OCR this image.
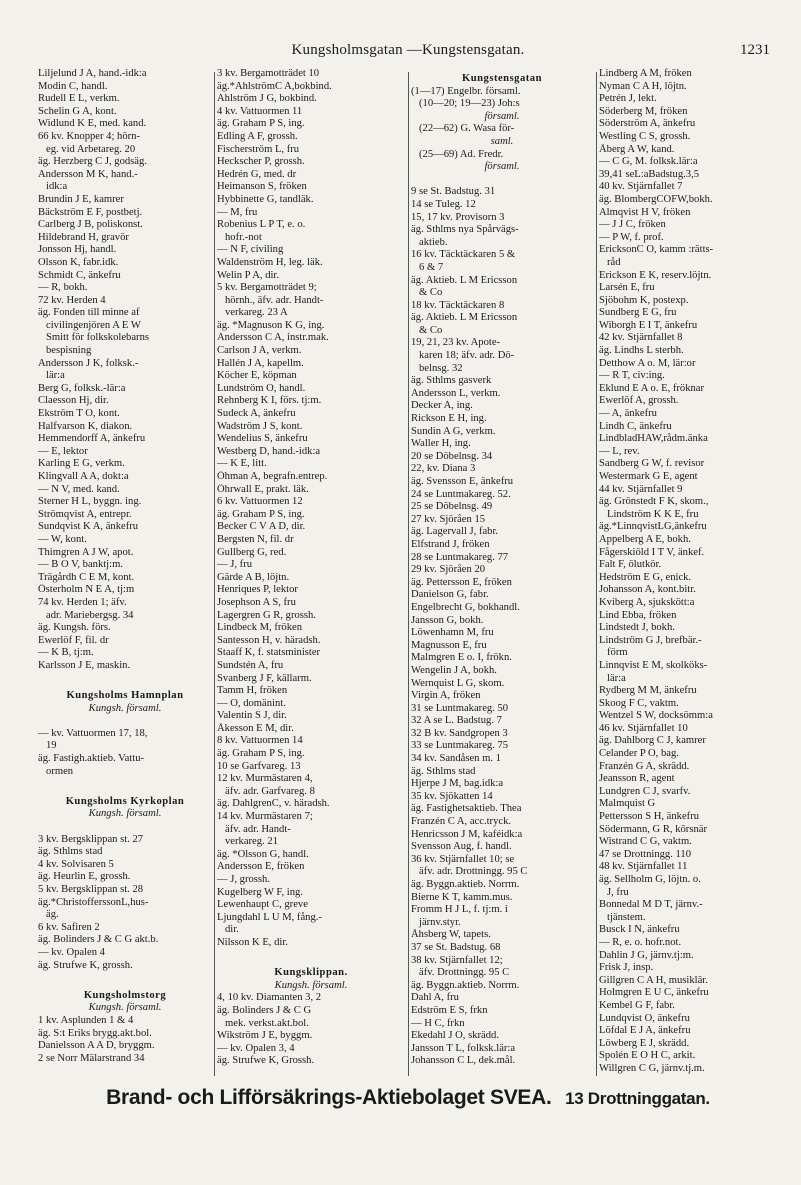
Kungsholmsgatan —Kungstensgatan.	1231
Liljelund J A, hand.-idk:a
Modin C, handl.
Rudell E L, verkm.
Schelin G A, kont.
Widlund K E, med. kand.
66 kv. Knopper 4; hörn-
eg. vid Arbetareg. 20
äg. Herzberg C J, godsäg.
Andersson M K, hand.-
idk:a
Brundin J E, kamrer
Bäckström E F, postbetj.
Carlberg J B, poliskonst.
Hildebrand H, gravör
Jonsson Hj, handl.
Olsson K, fabr.idk.
Schmidt C, änkefru
— R, bokh.
72 kv. Herden 4
äg. Fonden till minne af
civilingenjören A E W
Smitt för folkskolebarns
bespisning
Andersson J K, folksk.-
lär:a
Berg G, folksk.-lär:a
Claesson Hj, dir.
Ekström T O, kont.
Halfvarson K, diakon.
Hemmendorff A, änkefru
— E, lektor
Karling E G, verkm.
Klingvall A A, dokt:a
— N V, med. kand.
Sterner H L, byggn. ing.
Strömqvist A, entrepr.
Sundqvist K A, änkefru
— W, kont.
Thimgren A J W, apot.
— B O V, banktj:m.
Trägårdh C E M, kont.
Österholm N E A, tj:m
74 kv. Herden 1; äfv.
adr. Mariebergsg. 34
äg. Kungsh. förs.
Ewerlöf F, fil. dr
— K B, tj:m.
Karlsson J E, maskin.

Kungsholms Hamnplan
Kungsh. församl.

— kv. Vattuormen 17, 18,
19
äg. Fastigh.aktieb. Vattu-
ormen

Kungsholms Kyrkoplan
Kungsh. församl.

3 kv. Bergsklippan st. 27
äg. Sthlms stad
4 kv. Solvisaren 5
äg. Heurlin E, grossh.
5 kv. Bergsklippan st. 28
äg.*ChristofferssonL,hus-
äg.
6 kv. Safiren 2
äg. Bolinders J & C G akt.b.
— kv. Opalen 4
äg. Strufwe K, grossh.

Kungsholmstorg
Kungsh. församl.
1 kv. Asplunden 1 & 4
äg. S:t Eriks brygg.akt.bol.
Danielsson A A D, bryggm.
2 se Norr Mälarstrand 34
3 kv. Bergamotträdet 10
äg.*AhlströmC A,bokbind.
Ahlström J G, bokbind.
4 kv. Vattuormen 11
äg. Graham P S, ing.
Edling A F, grossh.
Fischerström L, fru
Heckscher P, grossh.
Hedrén G, med. dr
Heimanson S, fröken
Hybbinette G, tandläk.
— M, fru
Robenius L P T, e. o.
hofr.-not
— N F, civiling
Waldenström H, leg. läk.
Welin P A, dir.
5 kv. Bergamotträdet 9;
hörnh., äfv. adr. Handt-
verkareg. 23 A
äg. *Magnuson K G, ing.
Andersson C A, instr.mak.
Carlson J A, verkm.
Hallén J A, kapellm.
Köcher E, köpman
Lundström O, handl.
Rehnberg K I, förs. tj:m.
Sudeck A, änkefru
Wadström J S, kont.
Wendelius S, änkefru
Westberg D, hand.-idk:a
— K E, litt.
Öhman A, begrafn.entrep.
Öhrwall E, prakt. läk.
6 kv. Vattuormen 12
äg. Graham P S, ing.
Becker C V A D, dir.
Bergsten N, fil. dr
Gullberg G, red.
— J, fru
Gärde A B, löjtn.
Henriques P, lektor
Josephson A S, fru
Lagergren G R, grossh.
Lindbeck M, fröken
Santesson H, v. häradsh.
Staaff K, f. statsminister
Sundstén A, fru
Svanberg J F, källarm.
Tamm H, fröken
— O, domänint.
Valentin S J, dir.
Åkesson E M, dir.
8 kv. Vattuormen 14
äg. Graham P S, ing.
10 se Garfvareg. 13
12 kv. Murmästaren 4,
äfv. adr. Garfvareg. 8
äg. DahlgrenC, v. häradsh.
14 kv. Murmästaren 7;
äfv. adr. Handt-
verkareg. 21
äg. *Olsson G, handl.
Andersson E, fröken
— J, grossh.
Kugelberg W F, ing.
Lewenhaupt C, greve
Ljungdahl L U M, fång.-
dir.
Nilsson K E, dir.

Kungsklippan.
Kungsh. församl.
4, 10 kv. Diamanten 3, 2
äg. Bolinders J & C G
mek. verkst.akt.bol.
Wikström J E, byggm.
— kv. Opalen 3, 4
äg. Strufwe K, Grossh.
Kungstensgatan
(1—17) Engelbr. församl.
(10—20; 19—23) Joh:s
församl.
(22—62) G. Wasa för-
saml.
(25—69) Ad. Fredr.
församl.

9 se St. Badstug. 31
14 se Tuleg. 12
15, 17 kv. Provisorn 3
äg. Sthlms nya Spårvägs-
aktieb.
16 kv. Täcktäckaren 5 &
6 & 7
äg. Aktieb. L M Ericsson
& Co
18 kv. Täcktäckaren 8
äg. Aktieb. L M Ericsson
& Co
19, 21, 23 kv. Apote-
karen 18; äfv. adr. Dö-
belnsg. 32
äg. Sthlms gasverk
Andersson L, verkm.
Decker A, ing.
Rickson E H, ing.
Sundin A G, verkm.
Waller H, ing.
20 se Döbelnsg. 34
22, kv. Diana 3
äg. Svensson E, änkefru
24 se Luntmakareg. 52.
25 se Döbelnsg. 49
27 kv. Sjöråen 15
äg. Lagervall J, fabr.
Elfstrand J, fröken
28 se Luntmakareg. 77
29 kv. Sjöråen 20
äg. Pettersson E, fröken
Danielson G, fabr.
Engelbrecht G, bokhandl.
Jansson G, bokh.
Löwenhamn M, fru
Magnusson E, fru
Malmgren E o. I, frökn.
Wengelin J A, bokh.
Wernquist L G, skom.
Virgin A, fröken
31 se Luntmakareg. 50
32 A se L. Badstug. 7
32 B kv. Sandgropen 3
33 se Luntmakareg. 75
34 kv. Sandåsen m. 1
äg. Sthlms stad
Hjerpe J M, bag.idk:a
35 kv. Sjökatten 14
äg. Fastighetsaktieb. Thea
Franzén C A, acc.tryck.
Henricsson J M, kaféidk:a
Svensson Aug, f. handl.
36 kv. Stjärnfallet 10; se
äfv. adr. Drottningg. 95 C
äg. Byggn.aktieb. Norrm.
Bierne K T, kamm.mus.
Fromm H J L, f. tj:m. i
järnv.styr.
Åhsberg W, tapets.
37 se St. Badstug. 68
38 kv. Stjärnfallet 12;
äfv. Drottningg. 95 C
äg. Byggn.aktieb. Norrm.
Dahl A, fru
Edström E S, frkn
— H C, frkn
Ekedahl J O, skrädd.
Jansson T L, folksk.lär:a
Johansson C L, dek.mål.
Lindberg A M, fröken
Nyman C A H, löjtn.
Petrén J, lekt.
Söderberg M, fröken
Söderström A, änkefru
Westling C S, grossh.
Åberg A W, kand.
— C G, M. folksk.lär:a
39,41 seL:aBadstug.3,5
40 kv. Stjärnfallet 7
äg. BlombergCOFW,bokh.
Almqvist H V, fröken
— J J C, fröken
— P W, f. prof.
EricksonC O, kamm :rätts-
råd
Erickson E K, reserv.löjtn.
Larsén E, fru
Sjöbohm K, postexp.
Sundberg E G, fru
Wiborgh E I T, änkefru
42 kv. Stjärnfallet 8
äg. Lindhs L sterbh.
Detthow A o. M, lär:or
— R T, civ:ing.
Eklund E A o. E, fröknar
Ewerlöf A, grossh.
— A, änkefru
Lindh C, änkefru
LindbladHAW,rådm.änka
— L, rev.
Sandberg G W, f. revisor
Westermark G E, agent
44 kv. Stjärnfallet 9
äg. Grönstedt F K, skom.,
Lindström K K E, fru
äg.*LinnqvistLG,änkefru
Appelberg A E, bokh.
Fågerskiöld I T V, änkef.
Falt F, ölutkör.
Hedström E G, enick.
Johansson A, kont.bitr.
Kviberg A, sjukskött:a
Lind Ebba, fröken
Lindstedt J, bokh.
Lindström G J, brefbär.-
förm
Linnqvist E M, skolköks-
lär:a
Rydberg M M, änkefru
Skoog F C, vaktm.
Wentzel S W, docksömm:a
46 kv. Stjärnfallet 10
äg. Dahlborg C J, kamrer
Celander P O, bag.
Franzén G A, skrädd.
Jeansson R, agent
Lundgren C J, svarfv.
Malmquist G
Pettersson S H, änkefru
Södermann, G R, körsnär
Wistrand C G, vaktm.
47 se Drottningg. 110
48 kv. Stjärnfallet 11
äg. Sellholm G, löjtn. o.
J, fru
Bonnedal M D T, järnv.-
tjänstem.
Busck I N, änkefru
— R, e. o. hofr.not.
Dahlin J G, järnv.tj:m.
Frisk J, insp.
Gillgren C A H, musiklär.
Holmgren E U C, änkefru
Kembel G F, fabr.
Lundqvist O, änkefru
Löfdal E J A, änkefru
Löwberg E J, skrädd.
Spolén E O H C, arkit.
Willgren C G, järnv.tj.m.
Brand- och Lifförsäkrings-Aktiebolaget SVEA. 13 Drottninggatan.
